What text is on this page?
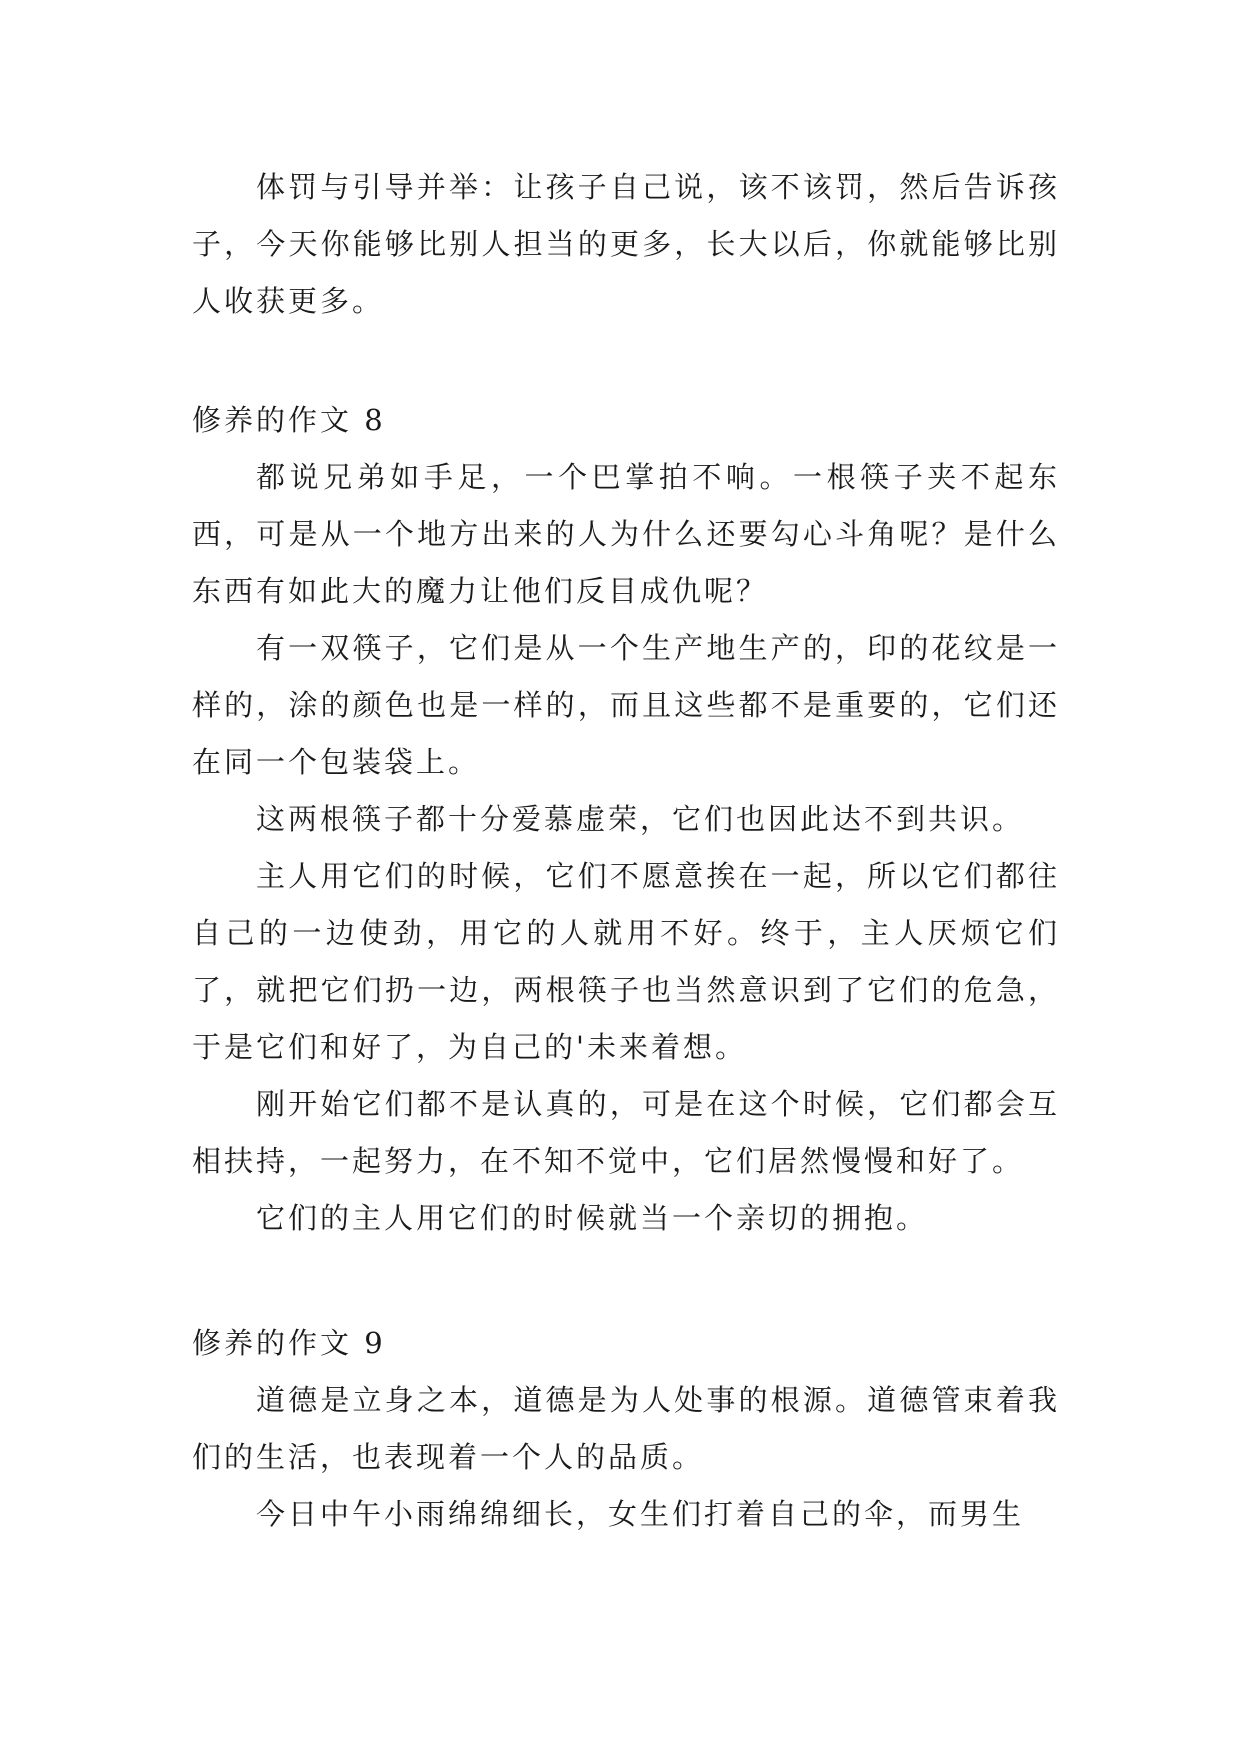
体罚与引导并举：让孩子自己说，该不该罚，然后告诉孩子，今天你能够比别人担当的更多，长大以后，你就能够比别人收获更多。

修养的作文 8

都说兄弟如手足，一个巴掌拍不响。一根筷子夹不起东西，可是从一个地方出来的人为什么还要勾心斗角呢？是什么东西有如此大的魔力让他们反目成仇呢？

有一双筷子，它们是从一个生产地生产的，印的花纹是一样的，涂的颜色也是一样的，而且这些都不是重要的，它们还在同一个包装袋上。

这两根筷子都十分爱慕虚荣，它们也因此达不到共识。

主人用它们的时候，它们不愿意挨在一起，所以它们都往自己的一边使劲，用它的人就用不好。终于，主人厌烦它们了，就把它们扔一边，两根筷子也当然意识到了它们的危急，于是它们和好了，为自己的'未来着想。

刚开始它们都不是认真的，可是在这个时候，它们都会互相扶持，一起努力，在不知不觉中，它们居然慢慢和好了。

它们的主人用它们的时候就当一个亲切的拥抱。

修养的作文 9

道德是立身之本，道德是为人处事的根源。道德管束着我们的生活，也表现着一个人的品质。

今日中午小雨绵绵细长，女生们打着自己的伞，而男生
